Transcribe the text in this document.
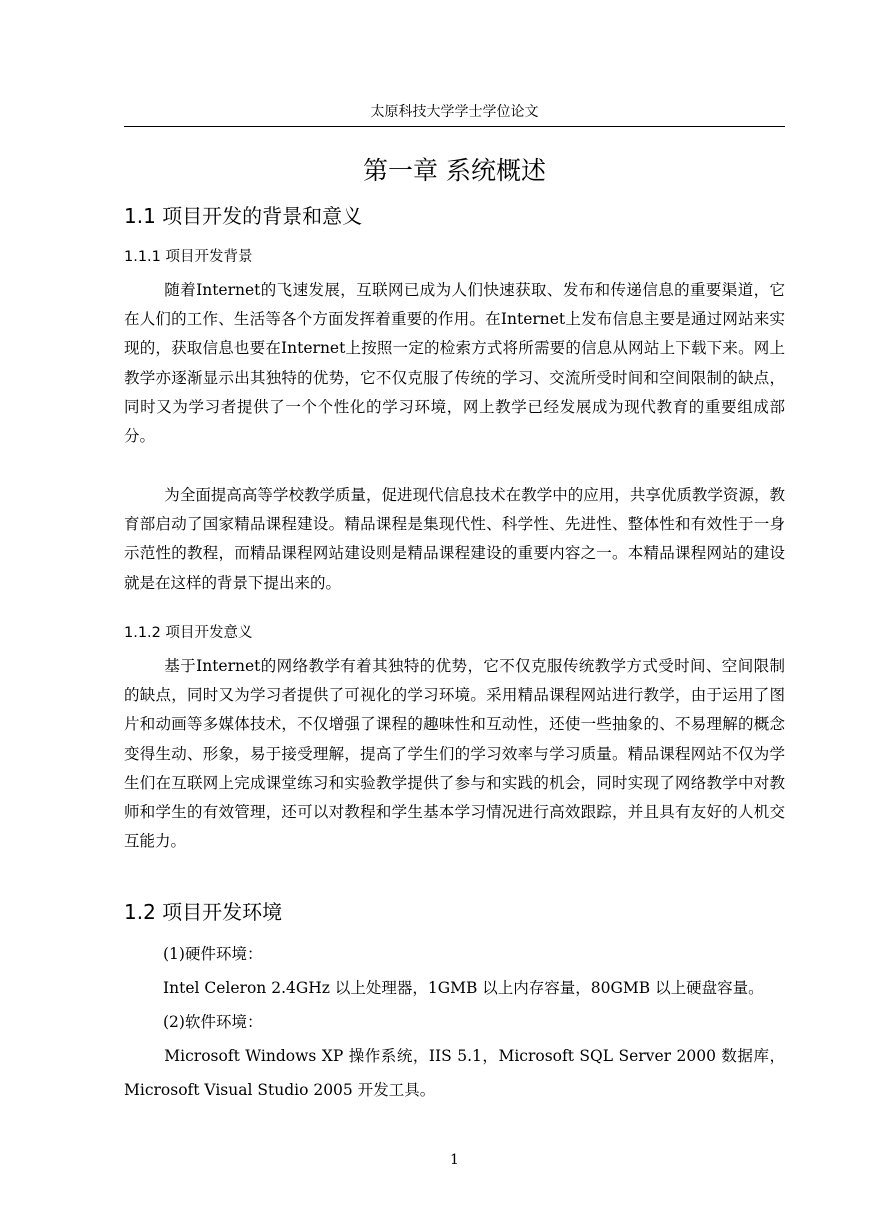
太原科技大学学士学位论文
第一章 系统概述
1.1 项目开发的背景和意义
1.1.1 项目开发背景

随着Internet的飞速发展，互联网已成为人们快速获取、发布和传递信息的重要渠道，它在人们的工作、生活等各个方面发挥着重要的作用。在Internet上发布信息主要是通过网站来实现的，获取信息也要在Internet上按照一定的检索方式将所需要的信息从网站上下载下来。网上教学亦逐渐显示出其独特的优势，它不仅克服了传统的学习、交流所受时间和空间限制的缺点，同时又为学习者提供了一个个性化的学习环境，网上教学已经发展成为现代教育的重要组成部分。

为全面提高高等学校教学质量，促进现代信息技术在教学中的应用，共享优质教学资源，教育部启动了国家精品课程建设。精品课程是集现代性、科学性、先进性、整体性和有效性于一身示范性的教程，而精品课程网站建设则是精品课程建设的重要内容之一。本精品课程网站的建设就是在这样的背景下提出来的。

1.1.2 项目开发意义

基于Internet的网络教学有着其独特的优势，它不仅克服传统教学方式受时间、空间限制的缺点，同时又为学习者提供了可视化的学习环境。采用精品课程网站进行教学，由于运用了图片和动画等多媒体技术，不仅增强了课程的趣味性和互动性，还使一些抽象的、不易理解的概念变得生动、形象，易于接受理解，提高了学生们的学习效率与学习质量。精品课程网站不仅为学生们在互联网上完成课堂练习和实验教学提供了参与和实践的机会，同时实现了网络教学中对教师和学生的有效管理，还可以对教程和学生基本学习情况进行高效跟踪，并且具有友好的人机交互能力。

1.2 项目开发环境
(1)硬件环境：
Intel Celeron 2.4GHz 以上处理器，1GMB 以上内存容量，80GMB 以上硬盘容量。
(2)软件环境：

Microsoft Windows XP 操作系统，IIS 5.1，Microsoft SQL Server 2000 数据库，Microsoft Visual Studio 2005 开发工具。

1
